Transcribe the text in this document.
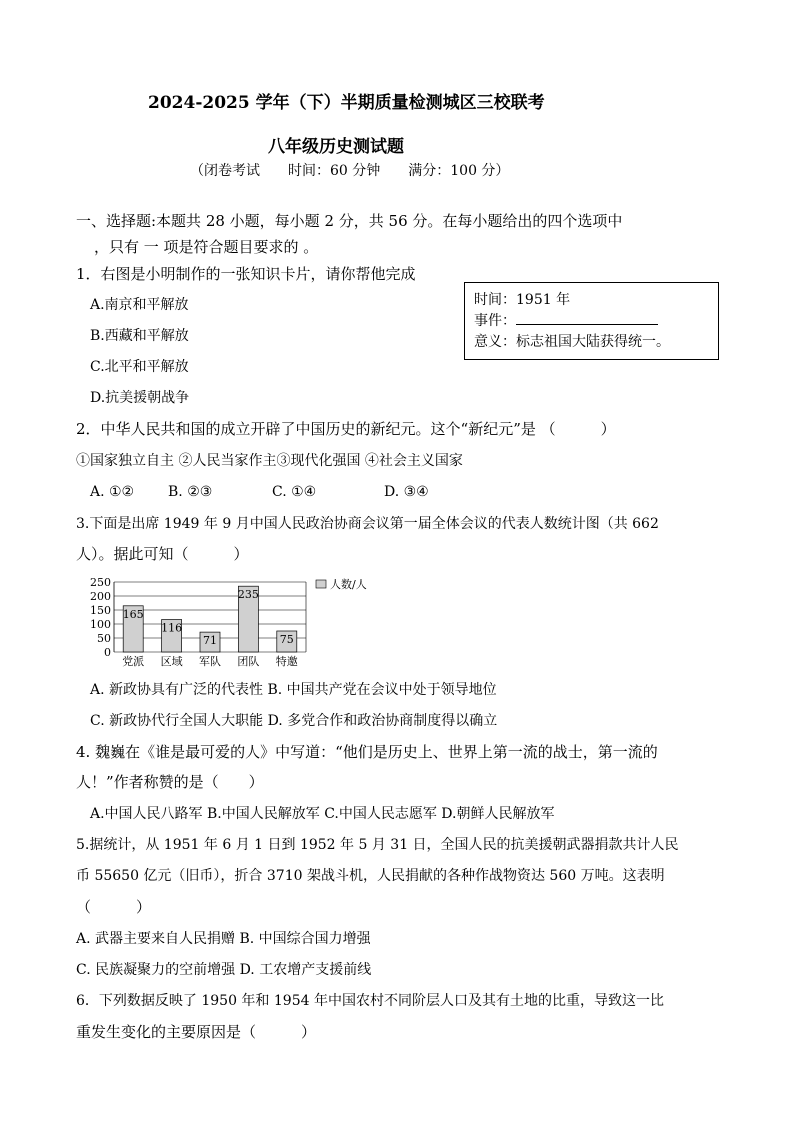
2024-2025 学年（下）半期质量检测城区三校联考
八年级历史测试题
（闭卷考试　　时间：60 分钟　　满分：100 分）
一、选择题:本题共 28 小题，每小题 2 分，共 56 分。在每小题给出的四个选项中
，只有 一 项是符合题目要求的 。
1．右图是小明制作的一张知识卡片，请你帮他完成
A.南京和平解放
B.西藏和平解放
C.北平和平解放
D.抗美援朝战争
时间：1951 年
事件：
意义：标志祖国大陆获得统一。
2．中华人民共和国的成立开辟了中国历史的新纪元。这个“新纪元”是 （　　　）
①国家独立自主 ②人民当家作主③现代化强国 ④社会主义国家
A. ①② B. ②③	C. ①④	D. ③④
3.下面是出席 1949 年 9 月中国人民政治协商会议第一届全体会议的代表人数统计图（共 662
人）。据此可知（　　　）
0
50
100
150
200
250
165
116
71
235
75
党派 区域 军队 团队 特邀
人数/人
A. 新政协具有广泛的代表性 B. 中国共产党在会议中处于领导地位
C. 新政协代行全国人大职能 D. 多党合作和政治协商制度得以确立
4. 魏巍在《谁是最可爱的人》中写道：“他们是历史上、世界上第一流的战士，第一流的
人！”作者称赞的是（　　）
A.中国人民八路军 B.中国人民解放军 C.中国人民志愿军 D.朝鲜人民解放军
5.据统计，从 1951 年 6 月 1 日到 1952 年 5 月 31 日，全国人民的抗美援朝武器捐款共计人民
币 55650 亿元（旧币），折合 3710 架战斗机，人民捐献的各种作战物资达 560 万吨。这表明
（　　　）
A. 武器主要来自人民捐赠 B. 中国综合国力增强
C. 民族凝聚力的空前增强 D. 工农增产支援前线
6．下列数据反映了 1950 年和 1954 年中国农村不同阶层人口及其有土地的比重，导致这一比
重发生变化的主要原因是（　　　）
